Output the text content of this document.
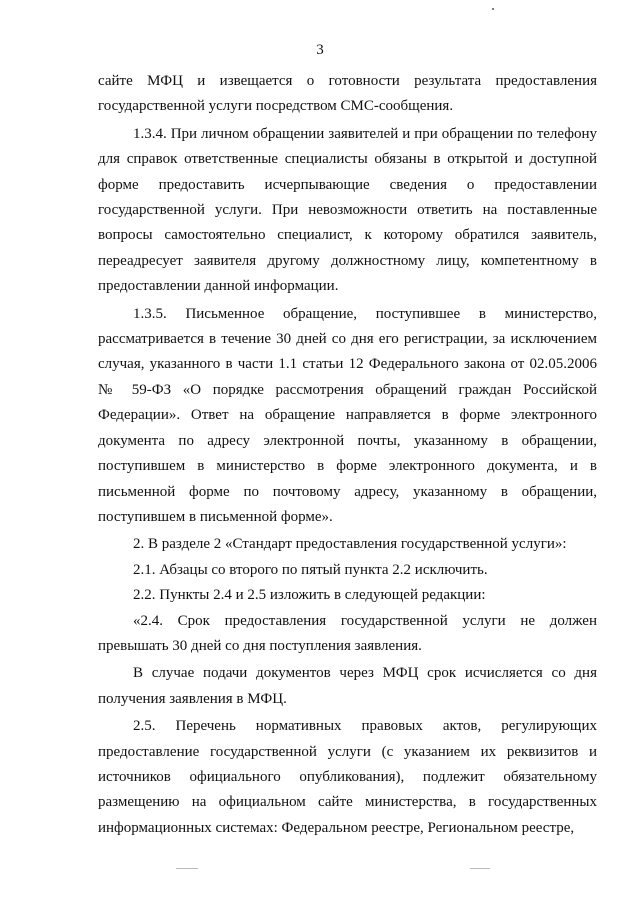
3

сайте МФЦ и извещается о готовности результата предоставления государственной услуги посредством СМС-сообщения.

1.3.4. При личном обращении заявителей и при обращении по телефону для справок ответственные специалисты обязаны в открытой и доступной форме предоставить исчерпывающие сведения о предоставлении государственной услуги. При невозможности ответить на поставленные вопросы самостоятельно специалист, к которому обратился заявитель, переадресует заявителя другому должностному лицу, компетентному в предоставлении данной информации.

1.3.5. Письменное обращение, поступившее в министерство, рассматривается в течение 30 дней со дня его регистрации, за исключением случая, указанного в части 1.1 статьи 12 Федерального закона от 02.05.2006 № 59-ФЗ «О порядке рассмотрения обращений граждан Российской Федерации». Ответ на обращение направляется в форме электронного документа по адресу электронной почты, указанному в обращении, поступившем в министерство в форме электронного документа, и в письменной форме по почтовому адресу, указанному в обращении, поступившем в письменной форме».

2. В разделе 2 «Стандарт предоставления государственной услуги»:

2.1. Абзацы со второго по пятый пункта 2.2 исключить.

2.2. Пункты 2.4 и 2.5 изложить в следующей редакции:

«2.4. Срок предоставления государственной услуги не должен превышать 30 дней со дня поступления заявления.

В случае подачи документов через МФЦ срок исчисляется со дня получения заявления в МФЦ.

2.5. Перечень нормативных правовых актов, регулирующих предоставление государственной услуги (с указанием их реквизитов и источников официального опубликования), подлежит обязательному размещению на официальном сайте министерства, в государственных информационных системах: Федеральном реестре, Региональном реестре,
